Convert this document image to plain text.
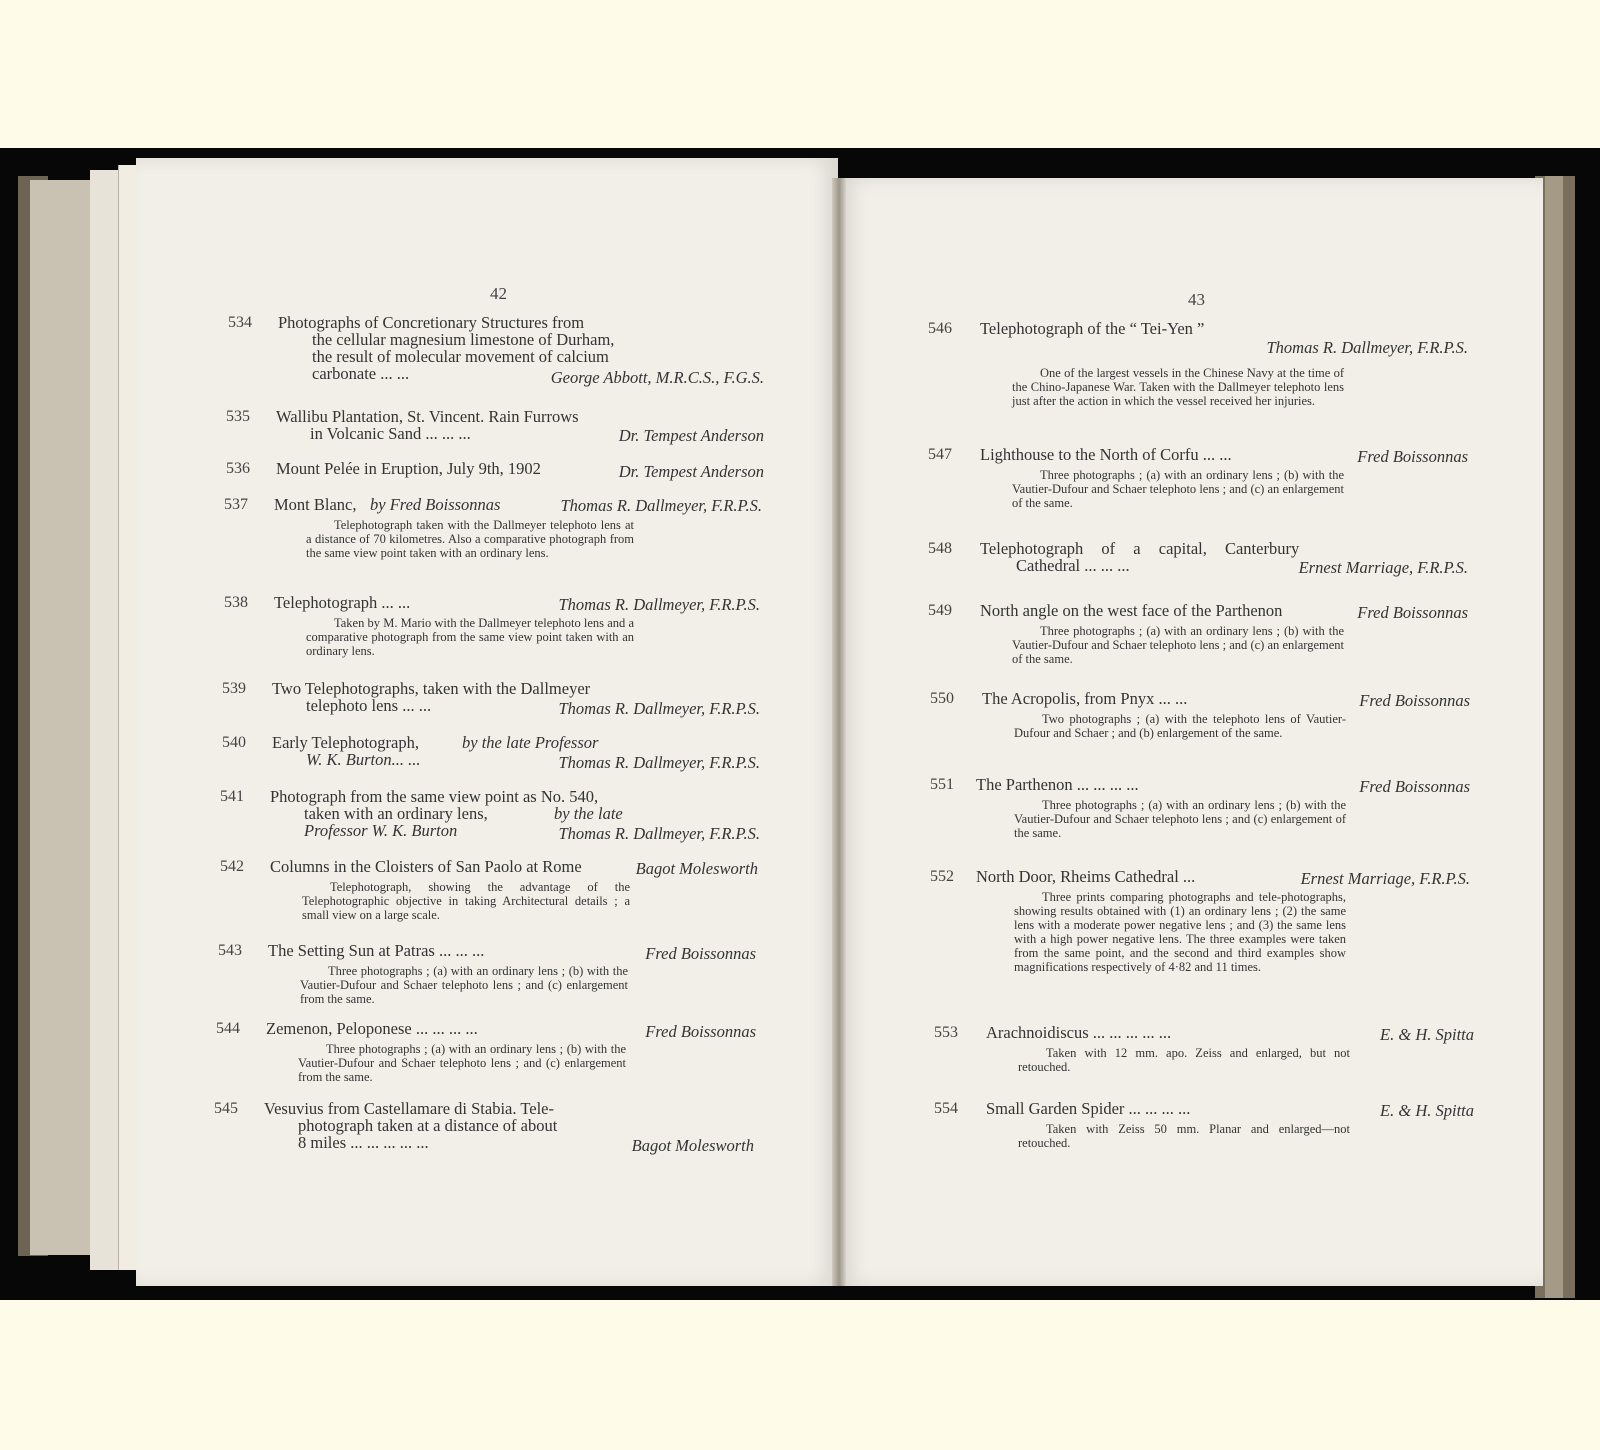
42	43
534 Photographs of Concretionary Structures from
the cellular magnesium limestone of Durham,
the result of molecular movement of calcium
carbonate ... ...	George Abbott, M.R.C.S., F.G.S.
535 Wallibu Plantation, St. Vincent. Rain Furrows
in Volcanic Sand ... ... ...	Dr. Tempest Anderson
536 Mount Pelée in Eruption, July 9th, 1902	Dr. Tempest Anderson
537 Mont Blanc, by Fred Boissonnas	Thomas R. Dallmeyer, F.R.P.S.
Telephotograph taken with the Dallmeyer telephoto lens at a distance of 70 kilometres. Also a comparative photograph from the same view point taken with an ordinary lens.
538 Telephotograph ... ...	Thomas R. Dallmeyer, F.R.P.S.
Taken by M. Mario with the Dallmeyer telephoto lens and a comparative photograph from the same view point taken with an ordinary lens.
539 Two Telephotographs, taken with the Dallmeyer
telephoto lens ... ...	Thomas R. Dallmeyer, F.R.P.S.
540 Early Telephotograph,	by the late Professor
W. K. Burton... ...	Thomas R. Dallmeyer, F.R.P.S.
541 Photograph from the same view point as No. 540,
taken with an ordinary lens,	by the late
Professor W. K. Burton	Thomas R. Dallmeyer, F.R.P.S.
542 Columns in the Cloisters of San Paolo at Rome	Bagot Molesworth
Telephotograph, showing the advantage of the Telephotographic objective in taking Architectural details ; a small view on a large scale.
543 The Setting Sun at Patras ... ... ...	Fred Boissonnas
Three photographs ; (a) with an ordinary lens ; (b) with the Vautier-Dufour and Schaer telephoto lens ; and (c) enlargement from the same.
544 Zemenon, Peloponese ... ... ... ...	Fred Boissonnas
Three photographs ; (a) with an ordinary lens ; (b) with the Vautier-Dufour and Schaer telephoto lens ; and (c) enlargement from the same.
545 Vesuvius from Castellamare di Stabia. Tele-
photograph taken at a distance of about
8 miles ... ... ... ... ...	Bagot Molesworth
546 Telephotograph of the “ Tei-Yen ”
Thomas R. Dallmeyer, F.R.P.S.
One of the largest vessels in the Chinese Navy at the time of the Chino-Japanese War. Taken with the Dallmeyer telephoto lens just after the action in which the vessel received her injuries.
547 Lighthouse to the North of Corfu ... ...	Fred Boissonnas
Three photographs ; (a) with an ordinary lens ; (b) with the Vautier-Dufour and Schaer telephoto lens ; and (c) an enlargement of the same.
548 Telephotograph of a capital, Canterbury
Cathedral ... ... ...	Ernest Marriage, F.R.P.S.
549 North angle on the west face of the Parthenon	Fred Boissonnas
Three photographs ; (a) with an ordinary lens ; (b) with the Vautier-Dufour and Schaer telephoto lens ; and (c) an enlargement of the same.
550 The Acropolis, from Pnyx ... ...	Fred Boissonnas
Two photographs ; (a) with the telephoto lens of Vautier-Dufour and Schaer ; and (b) enlargement of the same.
551 The Parthenon ... ... ... ...	Fred Boissonnas
Three photographs ; (a) with an ordinary lens ; (b) with the Vautier-Dufour and Schaer telephoto lens ; and (c) enlargement of the same.
552 North Door, Rheims Cathedral ...	Ernest Marriage, F.R.P.S.
Three prints comparing photographs and tele-photographs, showing results obtained with (1) an ordinary lens ; (2) the same lens with a moderate power negative lens ; and (3) the same lens with a high power negative lens. The three examples were taken from the same point, and the second and third examples show magnifications respectively of 4·82 and 11 times.
553 Arachnoidiscus ... ... ... ... ...	E. & H. Spitta
Taken with 12 mm. apo. Zeiss and enlarged, but not retouched.
554 Small Garden Spider ... ... ... ...	E. & H. Spitta
Taken with Zeiss 50 mm. Planar and enlarged—not retouched.
